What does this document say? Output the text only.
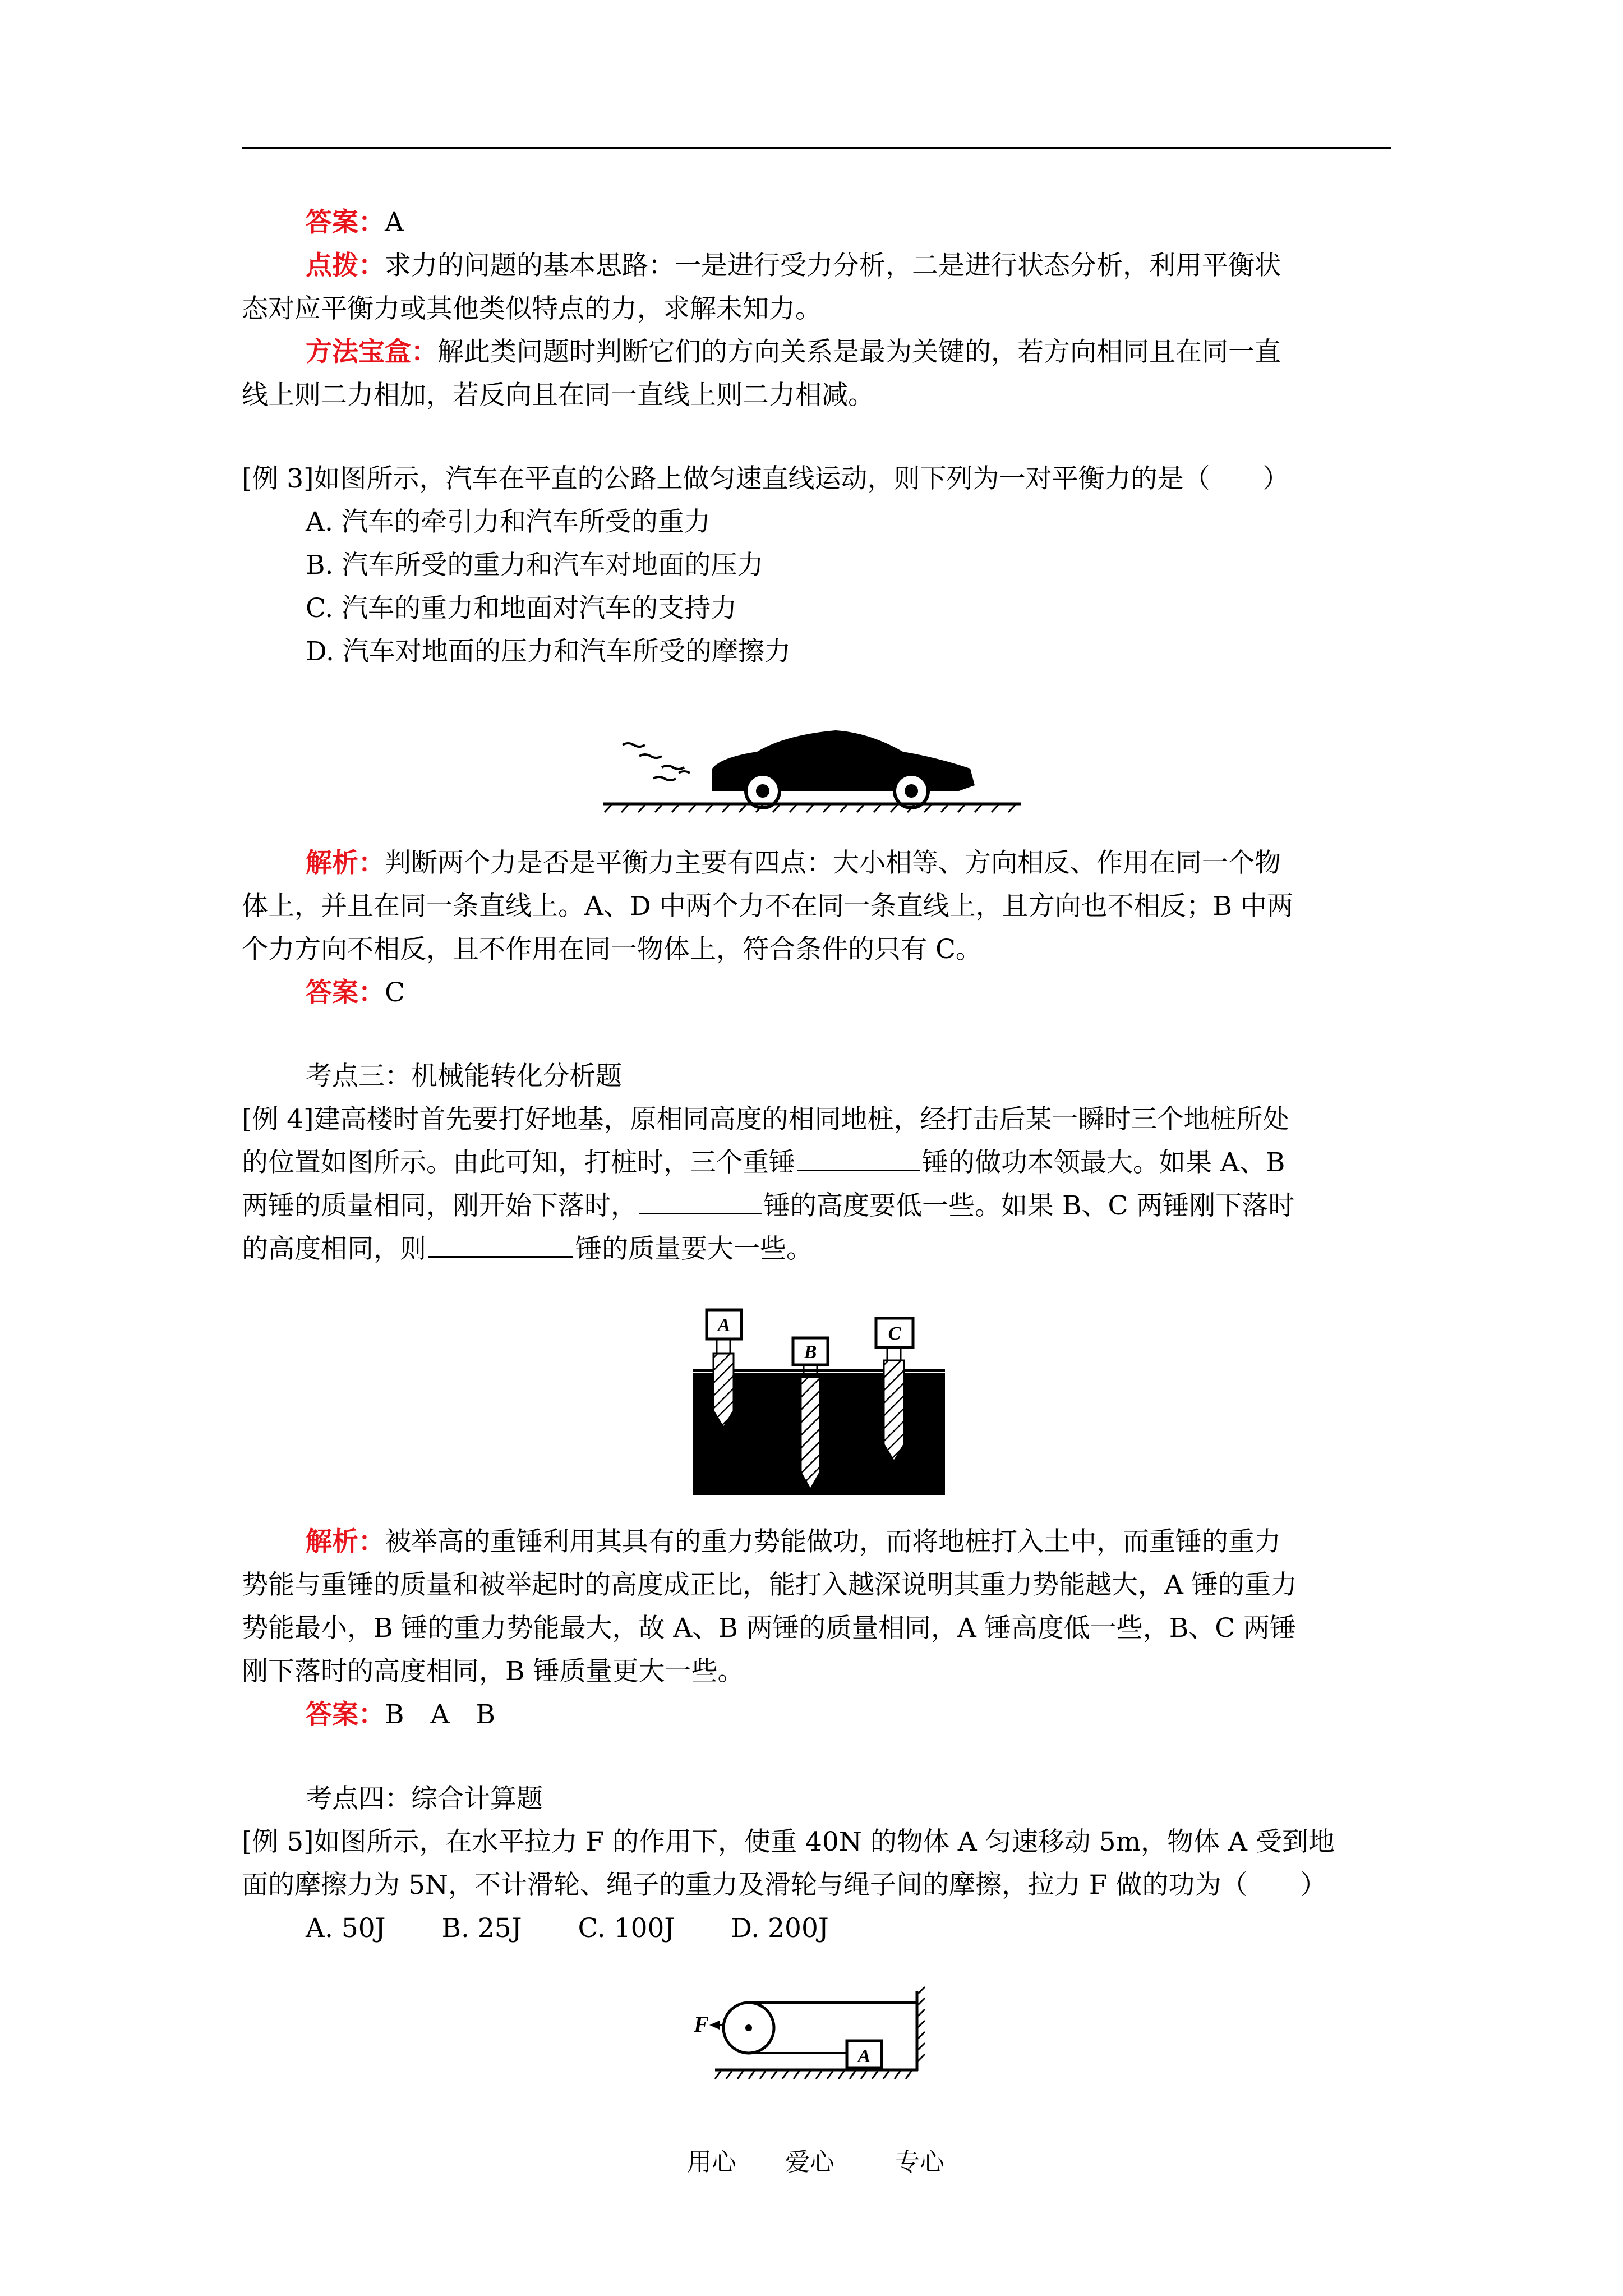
答案：A
点拨：求力的问题的基本思路：一是进行受力分析，二是进行状态分析，利用平衡状
态对应平衡力或其他类似特点的力，求解未知力。
方法宝盒：解此类问题时判断它们的方向关系是最为关键的，若方向相同且在同一直
线上则二力相加，若反向且在同一直线上则二力相减。
[例 3]如图所示，汽车在平直的公路上做匀速直线运动，则下列为一对平衡力的是（　　）
A. 汽车的牵引力和汽车所受的重力
B. 汽车所受的重力和汽车对地面的压力
C. 汽车的重力和地面对汽车的支持力
D. 汽车对地面的压力和汽车所受的摩擦力
解析：判断两个力是否是平衡力主要有四点：大小相等、方向相反、作用在同一个物
体上，并且在同一条直线上。A、D 中两个力不在同一条直线上，且方向也不相反；B 中两
个力方向不相反，且不作用在同一物体上，符合条件的只有 C。
答案：C
考点三：机械能转化分析题
[例 4]建高楼时首先要打好地基，原相同高度的相同地桩，经打击后某一瞬时三个地桩所处
的位置如图所示。由此可知，打桩时，三个重锤	锤的做功本领最大。如果 A、B
两锤的质量相同，刚开始下落时，	锤的高度要低一些。如果 B、C 两锤刚下落时
的高度相同，则	锤的质量要大一些。
A
B
C
解析：被举高的重锤利用其具有的重力势能做功，而将地桩打入土中，而重锤的重力
势能与重锤的质量和被举起时的高度成正比，能打入越深说明其重力势能越大，A 锤的重力
势能最小，B 锤的重力势能最大，故 A、B 两锤的质量相同，A 锤高度低一些，B、C 两锤
刚下落时的高度相同，B 锤质量更大一些。
答案：B　A　B
考点四：综合计算题
[例 5]如图所示，在水平拉力 F 的作用下，使重 40N 的物体 A 匀速移动 5m，物体 A 受到地
面的摩擦力为 5N，不计滑轮、绳子的重力及滑轮与绳子间的摩擦，拉力 F 做的功为（　　）
A. 50J B. 25J C. 100J D. 200J
F
A
用心 爱心 专心
